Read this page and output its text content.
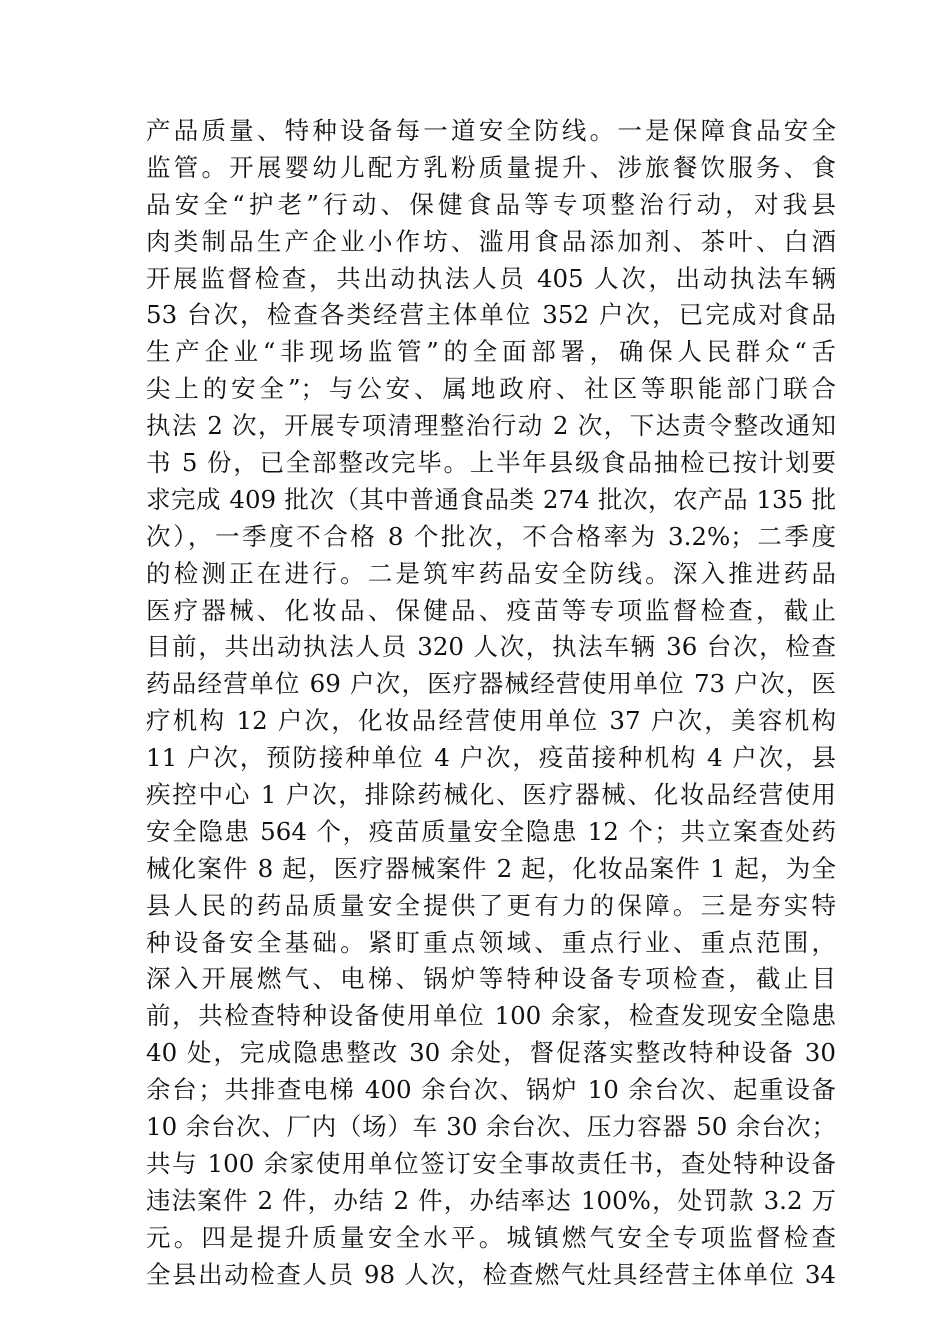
产品质量、特种设备每一道安全防线。一是保障食品安全
监管。开展婴幼儿配方乳粉质量提升、涉旅餐饮服务、食
品安全“护老”行动、保健食品等专项整治行动，对我县
肉类制品生产企业小作坊、滥用食品添加剂、茶叶、白酒
开展监督检查，共出动执法人员 405 人次，出动执法车辆
53 台次，检查各类经营主体单位 352 户次，已完成对食品
生产企业“非现场监管”的全面部署，确保人民群众“舌
尖上的安全”；与公安、属地政府、社区等职能部门联合
执法 2 次，开展专项清理整治行动 2 次，下达责令整改通知
书 5 份，已全部整改完毕。上半年县级食品抽检已按计划要
求完成 409 批次（其中普通食品类 274 批次，农产品 135 批
次），一季度不合格 8 个批次，不合格率为 3.2%；二季度
的检测正在进行。二是筑牢药品安全防线。深入推进药品
医疗器械、化妆品、保健品、疫苗等专项监督检查，截止
目前，共出动执法人员 320 人次，执法车辆 36 台次，检查
药品经营单位 69 户次，医疗器械经营使用单位 73 户次，医
疗机构 12 户次，化妆品经营使用单位 37 户次，美容机构
11 户次，预防接种单位 4 户次，疫苗接种机构 4 户次，县
疾控中心 1 户次，排除药械化、医疗器械、化妆品经营使用
安全隐患 564 个，疫苗质量安全隐患 12 个；共立案查处药
械化案件 8 起，医疗器械案件 2 起，化妆品案件 1 起，为全
县人民的药品质量安全提供了更有力的保障。三是夯实特
种设备安全基础。紧盯重点领域、重点行业、重点范围，
深入开展燃气、电梯、锅炉等特种设备专项检查，截止目
前，共检查特种设备使用单位 100 余家，检查发现安全隐患
40 处，完成隐患整改 30 余处，督促落实整改特种设备 30
余台；共排查电梯 400 余台次、锅炉 10 余台次、起重设备
10 余台次、厂内（场）车 30 余台次、压力容器 50 余台次；
共与 100 余家使用单位签订安全事故责任书，查处特种设备
违法案件 2 件，办结 2 件，办结率达 100%，处罚款 3.2 万
元。四是提升质量安全水平。城镇燃气安全专项监督检查
全县出动检查人员 98 人次，检查燃气灶具经营主体单位 34
